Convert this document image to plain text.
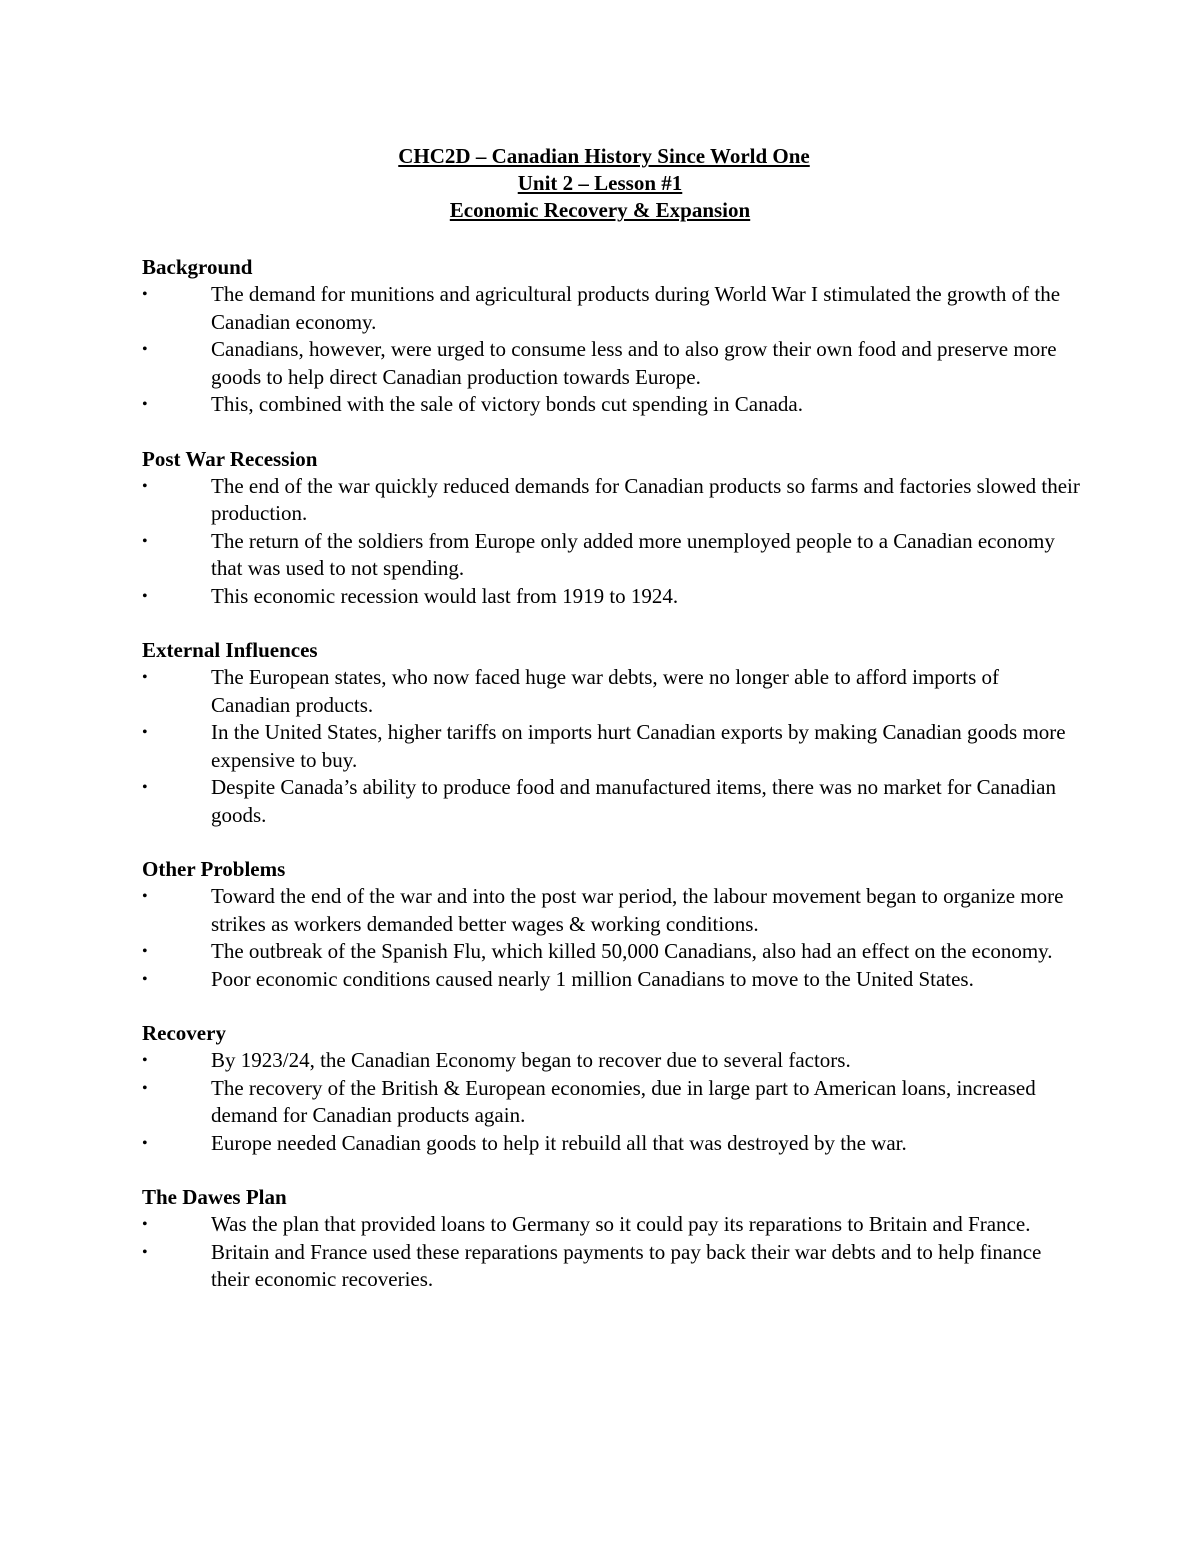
CHC2D – Canadian History Since World One
Unit 2 – Lesson #1
Economic Recovery & Expansion
Background
•	The demand for munitions and agricultural products during World War I stimulated the growth of the Canadian economy.
•	Canadians, however, were urged to consume less and to also grow their own food and preserve more goods to help direct Canadian production towards Europe.
•	This, combined with the sale of victory bonds cut spending in Canada.
Post War Recession
•	The end of the war quickly reduced demands for Canadian products so farms and factories slowed their production.
•	The return of the soldiers from Europe only added more unemployed people to a Canadian economy that was used to not spending.
•	This economic recession would last from 1919 to 1924.
External Influences
•	The European states, who now faced huge war debts, were no longer able to afford imports of Canadian products.
•	In the United States, higher tariffs on imports hurt Canadian exports by making Canadian goods more expensive to buy.
•	Despite Canada’s ability to produce food and manufactured items, there was no market for Canadian goods.
Other Problems
•	Toward the end of the war and into the post war period, the labour movement began to organize more strikes as workers demanded better wages & working conditions.
•	The outbreak of the Spanish Flu, which killed 50,000 Canadians, also had an effect on the economy.
•	Poor economic conditions caused nearly 1 million Canadians to move to the United States.
Recovery
•	By 1923/24, the Canadian Economy began to recover due to several factors.
•	The recovery of the British & European economies, due in large part to American loans, increased demand for Canadian products again.
•	Europe needed Canadian goods to help it rebuild all that was destroyed by the war.
The Dawes Plan
•	Was the plan that provided loans to Germany so it could pay its reparations to Britain and France.
•	Britain and France used these reparations payments to pay back their war debts and to help finance their economic recoveries.
